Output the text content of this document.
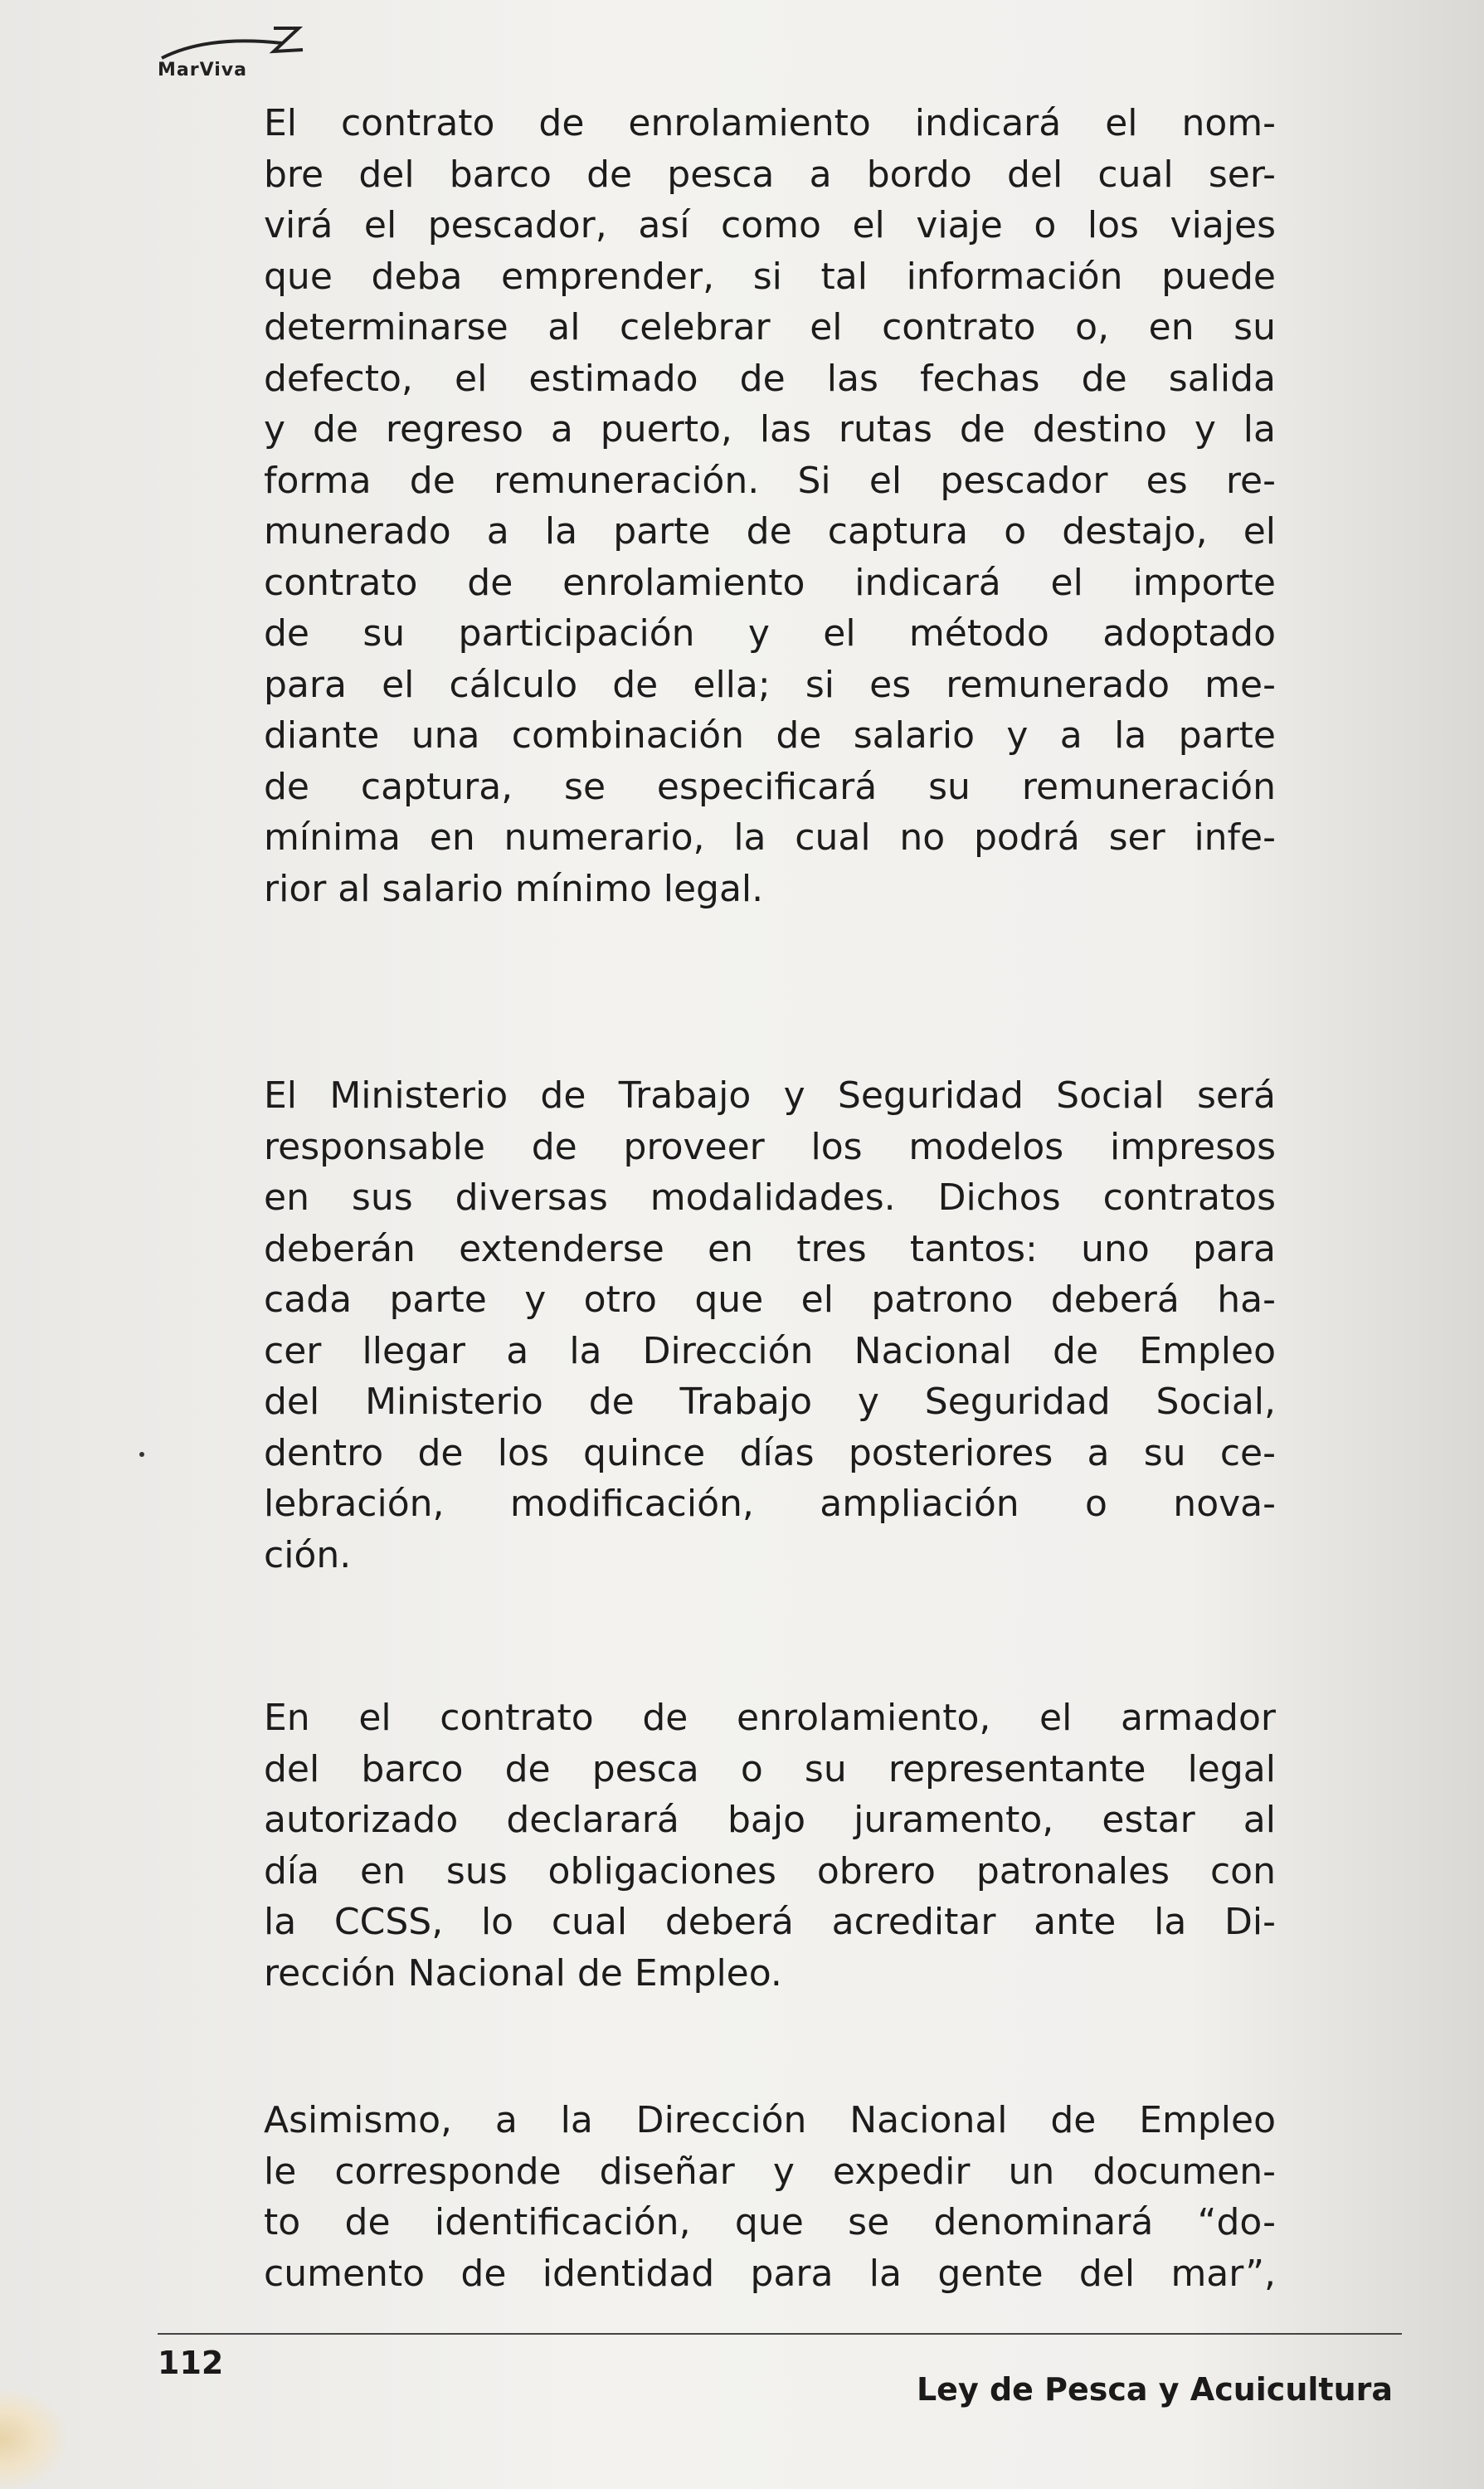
MarViva
El contrato de enrolamiento indicará el nom-
bre del barco de pesca a bordo del cual ser-
virá el pescador, así como el viaje o los viajes
que deba emprender, si tal información puede
determinarse al celebrar el contrato o, en su
defecto, el estimado de las fechas de salida
y de regreso a puerto, las rutas de destino y la
forma de remuneración. Si el pescador es re-
munerado a la parte de captura o destajo, el
contrato de enrolamiento indicará el importe
de su participación y el método adoptado
para el cálculo de ella; si es remunerado me-
diante una combinación de salario y a la parte
de captura, se especificará su remuneración
mínima en numerario, la cual no podrá ser infe-
rior al salario mínimo legal.
El Ministerio de Trabajo y Seguridad Social será
responsable de proveer los modelos impresos
en sus diversas modalidades. Dichos contratos
deberán extenderse en tres tantos: uno para
cada parte y otro que el patrono deberá ha-
cer llegar a la Dirección Nacional de Empleo
del Ministerio de Trabajo y Seguridad Social,
dentro de los quince días posteriores a su ce-
lebración, modificación, ampliación o nova-
ción.
En el contrato de enrolamiento, el armador
del barco de pesca o su representante legal
autorizado declarará bajo juramento, estar al
día en sus obligaciones obrero patronales con
la CCSS, lo cual deberá acreditar ante la Di-
rección Nacional de Empleo.
Asimismo, a la Dirección Nacional de Empleo
le corresponde diseñar y expedir un documen-
to de identificación, que se denominará “do-
cumento de identidad para la gente del mar”,
112
Ley de Pesca y Acuicultura
